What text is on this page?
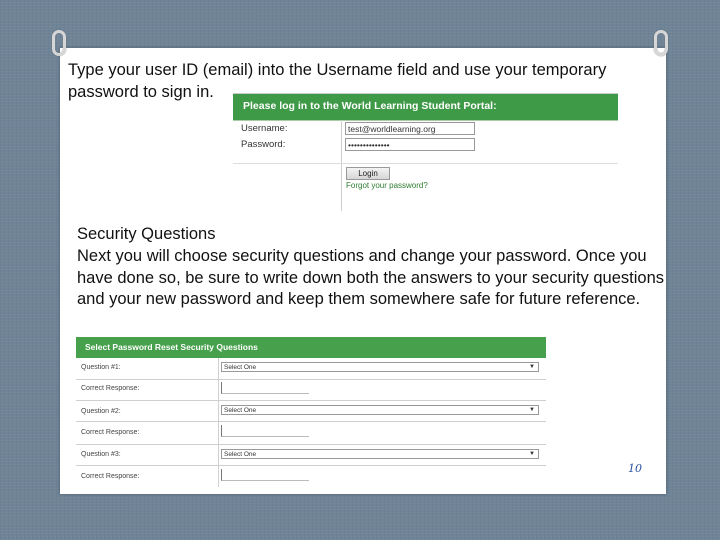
Type your user ID (email) into the Username field and use your temporary password to sign in.
Please log in to the World Learning Student Portal:
Username:	test@worldlearning.org
Password:	••••••••••••••
Login
Forgot your password?
Security Questions
Next you will choose security questions and change your password. Once you have done so, be sure to write down both the answers to your security questions and your new password and keep them somewhere safe for future reference.
Select Password Reset Security Questions
Question #1:	Select One	▼
Correct Response:
Question #2:	Select One	▼
Correct Response:
Question #3:	Select One	▼
Correct Response:
10
